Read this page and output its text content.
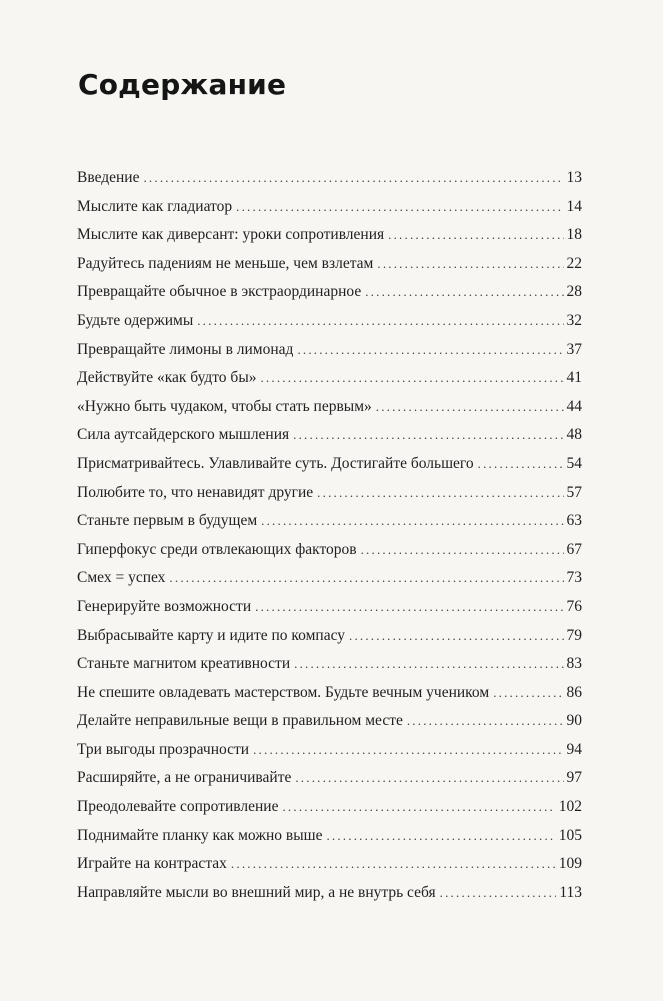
Содержание
Введение .....	13
Мыслите как гладиатор .....	14
Мыслите как диверсант: уроки сопротивления .....	18
Радуйтесь падениям не меньше, чем взлетам .....	22
Превращайте обычное в экстраординарное .....	28
Будьте одержимы .....	32
Превращайте лимоны в лимонад .....	37
Действуйте «как будто бы» .....	41
«Нужно быть чудаком, чтобы стать первым» .....	44
Сила аутсайдерского мышления .....	48
Присматривайтесь. Улавливайте суть. Достигайте большего .....	54
Полюбите то, что ненавидят другие .....	57
Станьте первым в будущем .....	63
Гиперфокус среди отвлекающих факторов .....	67
Смех = успех .....	73
Генерируйте возможности .....	76
Выбрасывайте карту и идите по компасу .....	79
Станьте магнитом креативности .....	83
Не спешите овладевать мастерством. Будьте вечным учеником .....	86
Делайте неправильные вещи в правильном месте .....	90
Три выгоды прозрачности .....	94
Расширяйте, а не ограничивайте .....	97
Преодолевайте сопротивление .....	102
Поднимайте планку как можно выше .....	105
Играйте на контрастах .....	109
Направляйте мысли во внешний мир, а не внутрь себя .....	113
